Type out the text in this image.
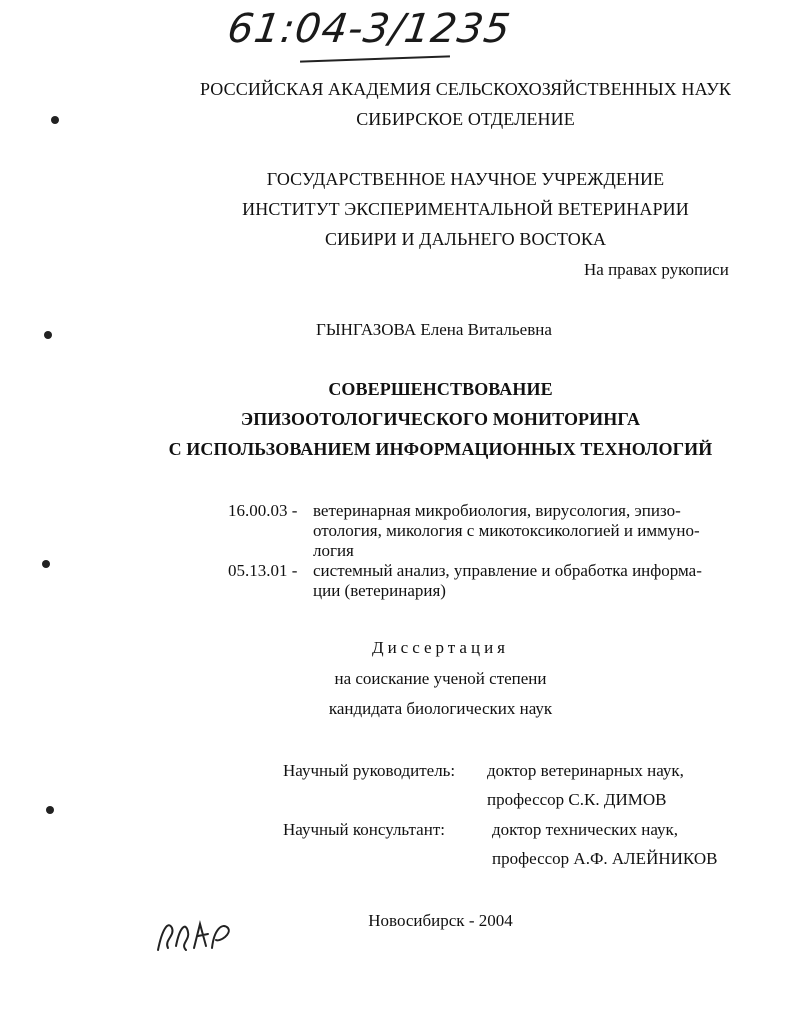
61:04-3/1235
РОССИЙСКАЯ АКАДЕМИЯ СЕЛЬСКОХОЗЯЙСТВЕННЫХ НАУК
СИБИРСКОЕ ОТДЕЛЕНИЕ
ГОСУДАРСТВЕННОЕ НАУЧНОЕ УЧРЕЖДЕНИЕ
ИНСТИТУТ ЭКСПЕРИМЕНТАЛЬНОЙ ВЕТЕРИНАРИИ
СИБИРИ И ДАЛЬНЕГО ВОСТОКА
На правах рукописи
ГЫНГАЗОВА Елена Витальевна
СОВЕРШЕНСТВОВАНИЕ
ЭПИЗООТОЛОГИЧЕСКОГО МОНИТОРИНГА
С ИСПОЛЬЗОВАНИЕМ ИНФОРМАЦИОННЫХ ТЕХНОЛОГИЙ
16.00.03 - ветеринарная микробиология, вирусология, эпизо-
отология, микология с микотоксикологией и иммуно-
логия
05.13.01 - системный анализ, управление и обработка информа-
ции (ветеринария)
Диссертация
на соискание ученой степени
кандидата биологических наук
Научный руководитель: доктор ветеринарных наук,
профессор С.К. ДИМОВ
Научный консультант:	доктор технических наук,
профессор А.Ф. АЛЕЙНИКОВ
Новосибирск - 2004
